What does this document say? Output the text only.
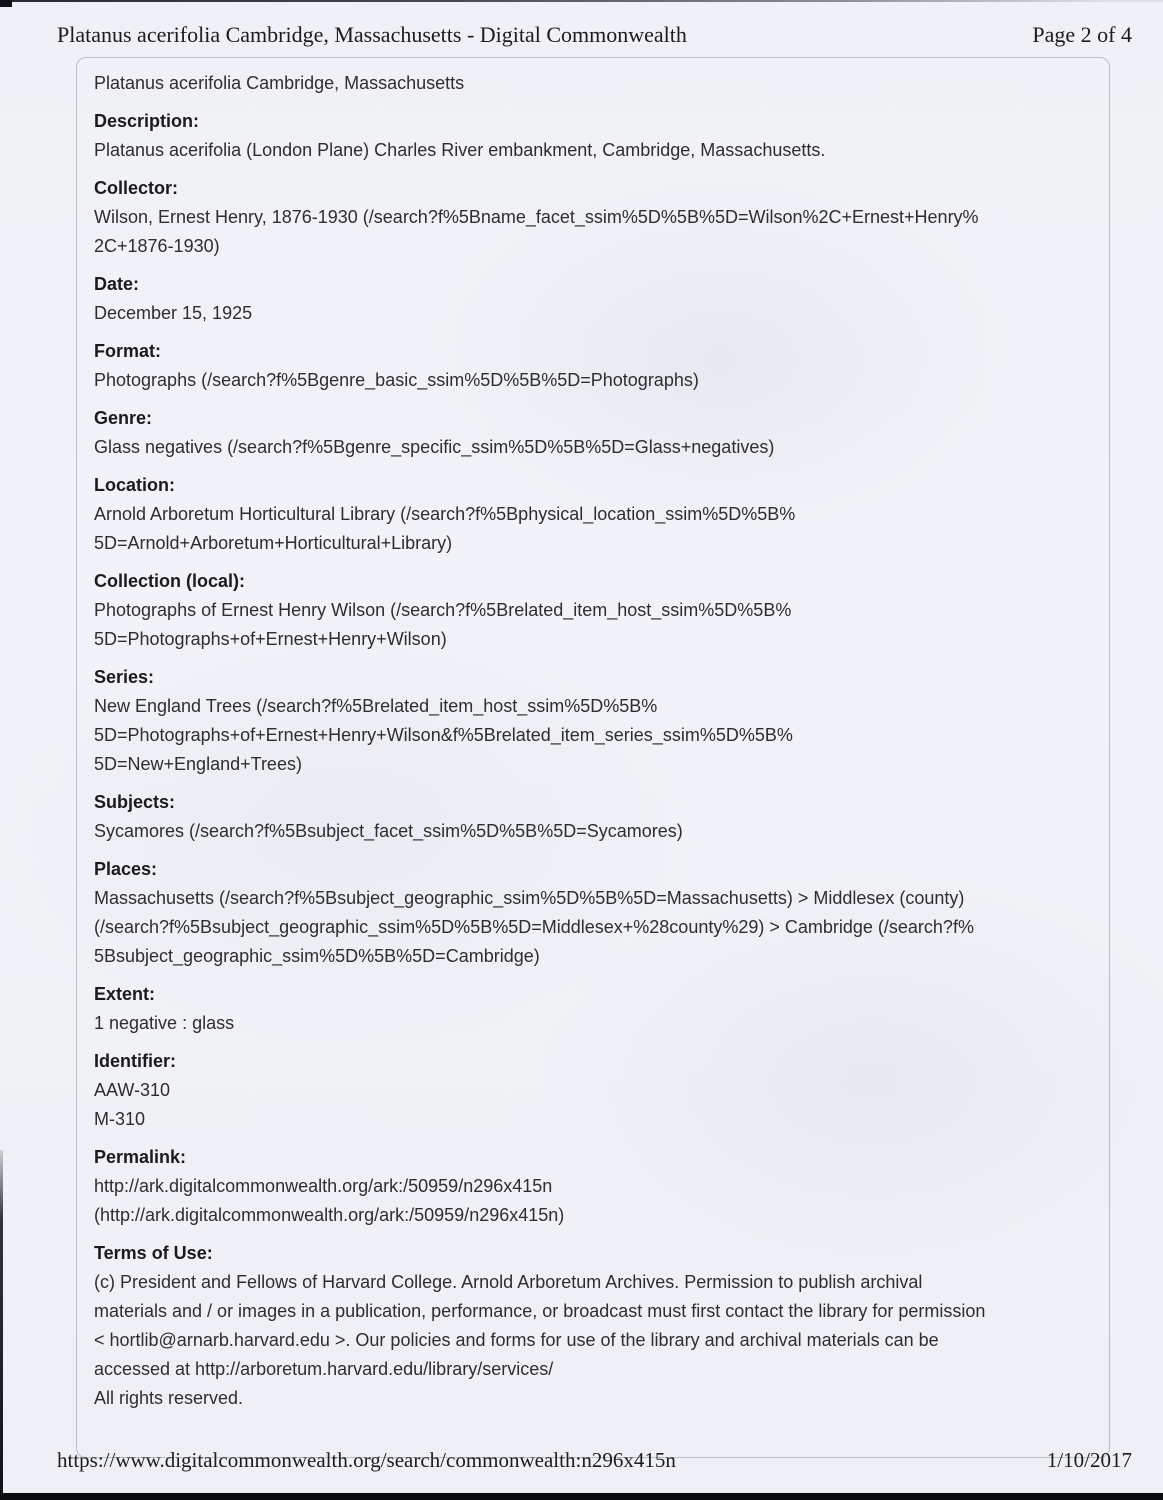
Platanus acerifolia Cambridge, Massachusetts - Digital Commonwealth	Page 2 of 4
Platanus acerifolia Cambridge, Massachusetts
Description:
Platanus acerifolia (London Plane) Charles River embankment, Cambridge, Massachusetts.
Collector:
Wilson, Ernest Henry, 1876-1930 (/search?f%5Bname_facet_ssim%5D%5B%5D=Wilson%2C+Ernest+Henry%
2C+1876-1930)
Date:
December 15, 1925
Format:
Photographs (/search?f%5Bgenre_basic_ssim%5D%5B%5D=Photographs)
Genre:
Glass negatives (/search?f%5Bgenre_specific_ssim%5D%5B%5D=Glass+negatives)
Location:
Arnold Arboretum Horticultural Library (/search?f%5Bphysical_location_ssim%5D%5B%
5D=Arnold+Arboretum+Horticultural+Library)
Collection (local):
Photographs of Ernest Henry Wilson (/search?f%5Brelated_item_host_ssim%5D%5B%
5D=Photographs+of+Ernest+Henry+Wilson)
Series:
New England Trees (/search?f%5Brelated_item_host_ssim%5D%5B%
5D=Photographs+of+Ernest+Henry+Wilson&f%5Brelated_item_series_ssim%5D%5B%
5D=New+England+Trees)
Subjects:
Sycamores (/search?f%5Bsubject_facet_ssim%5D%5B%5D=Sycamores)
Places:
Massachusetts (/search?f%5Bsubject_geographic_ssim%5D%5B%5D=Massachusetts) > Middlesex (county)
(/search?f%5Bsubject_geographic_ssim%5D%5B%5D=Middlesex+%28county%29) > Cambridge (/search?f%
5Bsubject_geographic_ssim%5D%5B%5D=Cambridge)
Extent:
1 negative : glass
Identifier:
AAW-310
M-310
Permalink:
http://ark.digitalcommonwealth.org/ark:/50959/n296x415n
(http://ark.digitalcommonwealth.org/ark:/50959/n296x415n)
Terms of Use:
(c) President and Fellows of Harvard College. Arnold Arboretum Archives. Permission to publish archival
materials and / or images in a publication, performance, or broadcast must first contact the library for permission
< hortlib@arnarb.harvard.edu >. Our policies and forms for use of the library and archival materials can be
accessed at http://arboretum.harvard.edu/library/services/
All rights reserved.
https://www.digitalcommonwealth.org/search/commonwealth:n296x415n	1/10/2017
